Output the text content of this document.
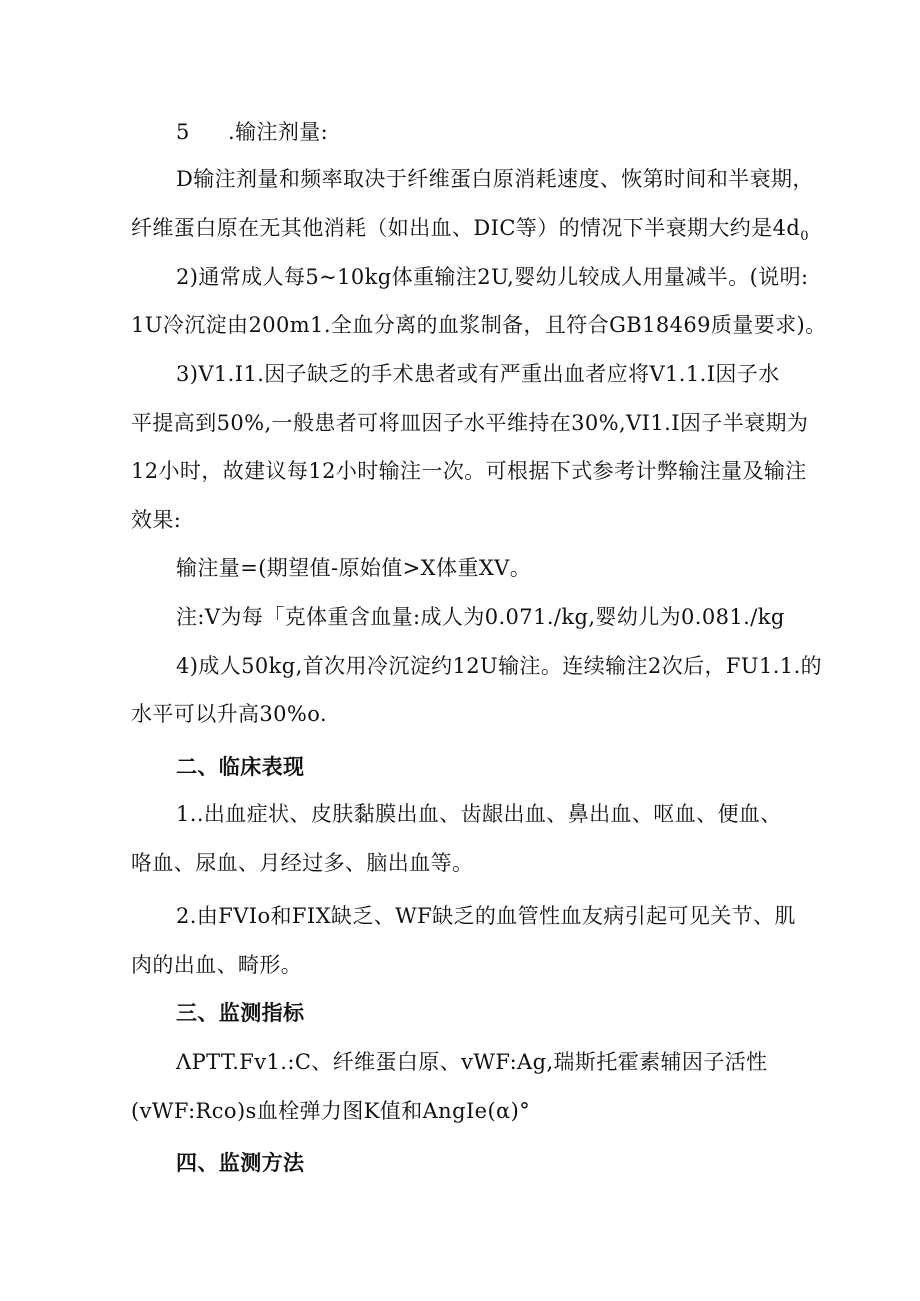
5 .输注剂量:
D输注剂量和频率取决于纤维蛋白原消耗速度、恢第时间和半衰期，
纤维蛋白原在无其他消耗（如出血、DIC等）的情况下半衰期大约是$4d_0$
2)通常成人每5~10kg体重输注2U,婴幼儿较成人用量减半。(说明:
1U冷沉淀由200m1.全血分离的血浆制备，且符合GB18469质量要求)。
3)V1.I1.因子缺乏的手术患者或有严重出血者应将V1.1.I因子水
平提高到50%,一般患者可将皿因子水平维持在30%,VI1.I因子半衰期为
12小时，故建议每12小时输注一次。可根据下式参考计弊输注量及输注
效果:
输注量=(期望值-原始值>X体重XV。
注:V为每「克体重含血量:成人为0.071./kg,婴幼儿为0.081./kg
4)成人50kg,首次用冷沉淀约12U输注。连续输注2次后，FU1.1.的
水平可以升高30%o.
二、临床表现
1..出血症状、皮肤黏膜出血、齿龈出血、鼻出血、呕血、便血、
咯血、尿血、月经过多、脑出血等。
2.由FVIo和FIX缺乏、WF缺乏的血管性血友病引起可见关节、肌
肉的出血、畸形。
三、监测指标
ΛPTT.Fv1.:C、纤维蛋白原、vWF:Ag,瑞斯托霍素辅因子活性
(vWF:Rco)s血栓弹力图K值和AngIe(α)°
四、监测方法
